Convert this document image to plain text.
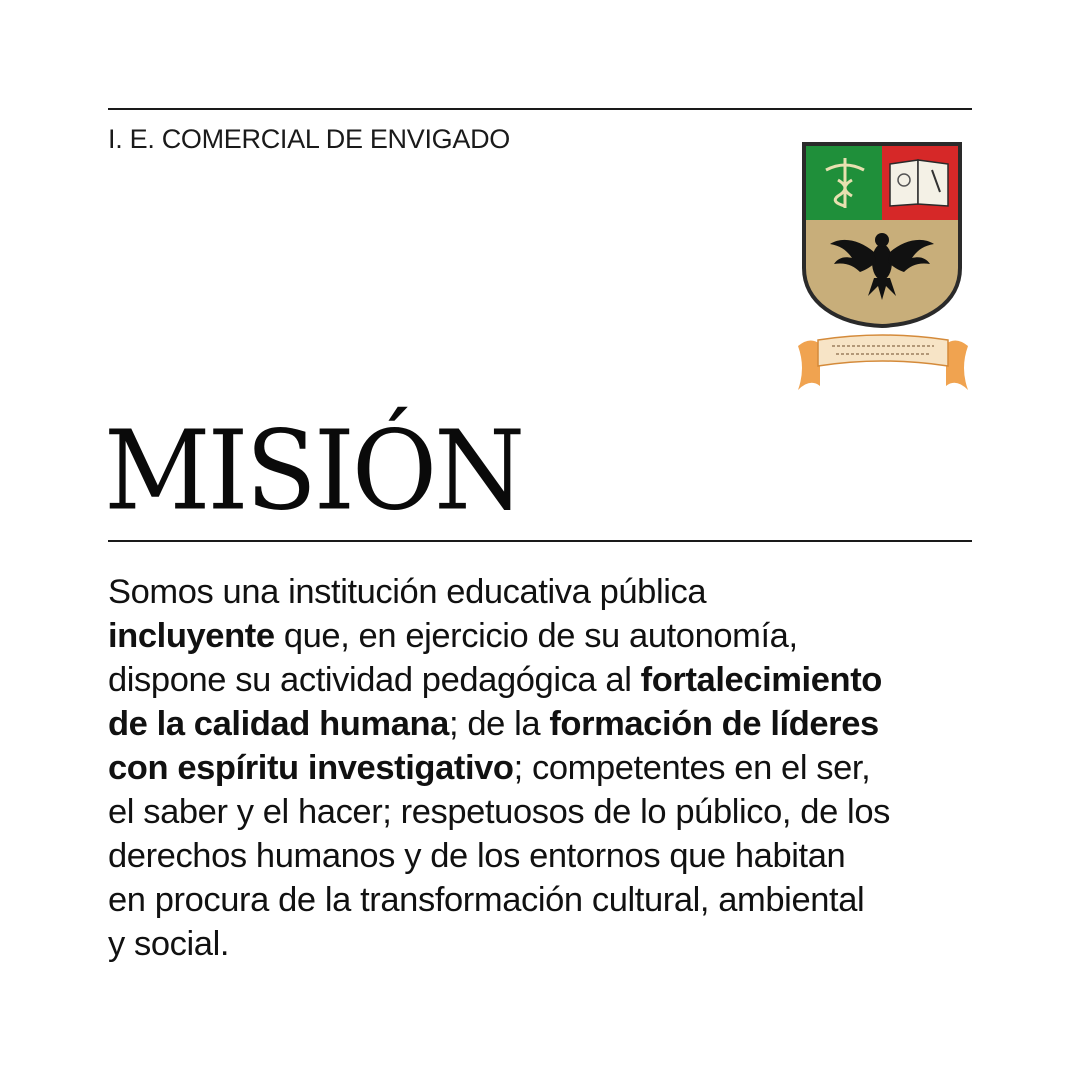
I. E. COMERCIAL DE ENVIGADO
MISIÓN
Somos una institución educativa pública
incluyente que, en ejercicio de su autonomía,
dispone su actividad pedagógica al fortalecimiento
de la calidad humana; de la formación de líderes
con espíritu investigativo; competentes en el ser,
el saber y el hacer; respetuosos de lo público, de los
derechos humanos y de los entornos que habitan
en procura de la transformación cultural, ambiental
y social.
